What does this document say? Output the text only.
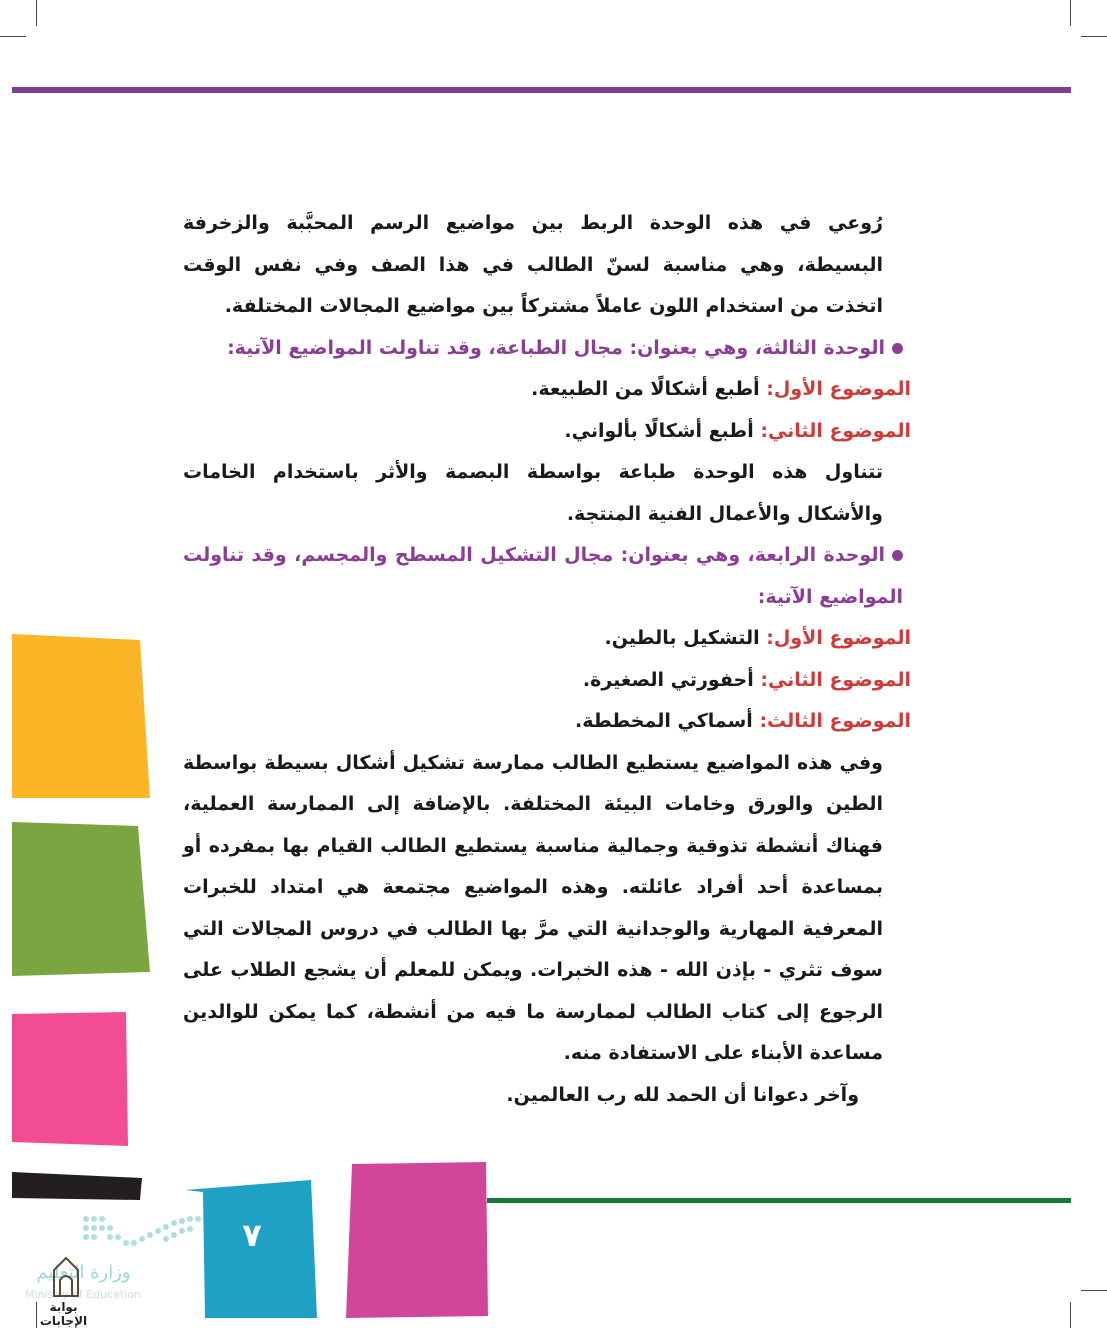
رُوعي في هذه الوحدة الربط بين مواضيع الرسم المحبَّبة والزخرفة البسيطة، وهي مناسبة لسنّ الطالب في هذا الصف وفي نفس الوقت اتخذت من استخدام اللون عاملاً مشتركاً بين مواضيع المجالات المختلفة.

الوحدة الثالثة، وهي بعنوان: مجال الطباعة، وقد تناولت المواضيع الآتية:

الموضوع الأول: أطبع أشكالًا من الطبيعة.

الموضوع الثاني: أطبع أشكالًا بألواني.

تتناول هذه الوحدة طباعة بواسطة البصمة والأثر باستخدام الخامات والأشكال والأعمال الفنية المنتجة.

الوحدة الرابعة، وهي بعنوان: مجال التشكيل المسطح والمجسم، وقد تناولت المواضيع الآتية:

الموضوع الأول: التشكيل بالطين.

الموضوع الثاني: أحفورتي الصغيرة.

الموضوع الثالث: أسماكي المخططة.

وفي هذه المواضيع يستطيع الطالب ممارسة تشكيل أشكال بسيطة بواسطة الطين والورق وخامات البيئة المختلفة. بالإضافة إلى الممارسة العملية، فهناك أنشطة تذوقية وجمالية مناسبة يستطيع الطالب القيام بها بمفرده أو بمساعدة أحد أفراد عائلته. وهذه المواضيع مجتمعة هي امتداد للخبرات المعرفية المهارية والوجدانية التي مرَّ بها الطالب في دروس المجالات التي سوف تثري - بإذن الله - هذه الخبرات. ويمكن للمعلم أن يشجع الطلاب على الرجوع إلى كتاب الطالب لممارسة ما فيه من أنشطة، كما يمكن للوالدين مساعدة الأبناء على الاستفادة منه.

وآخر دعوانا أن الحمد لله رب العالمين.

٧
وزارة التعليم
Ministry of Education
بوابة الإجابات
